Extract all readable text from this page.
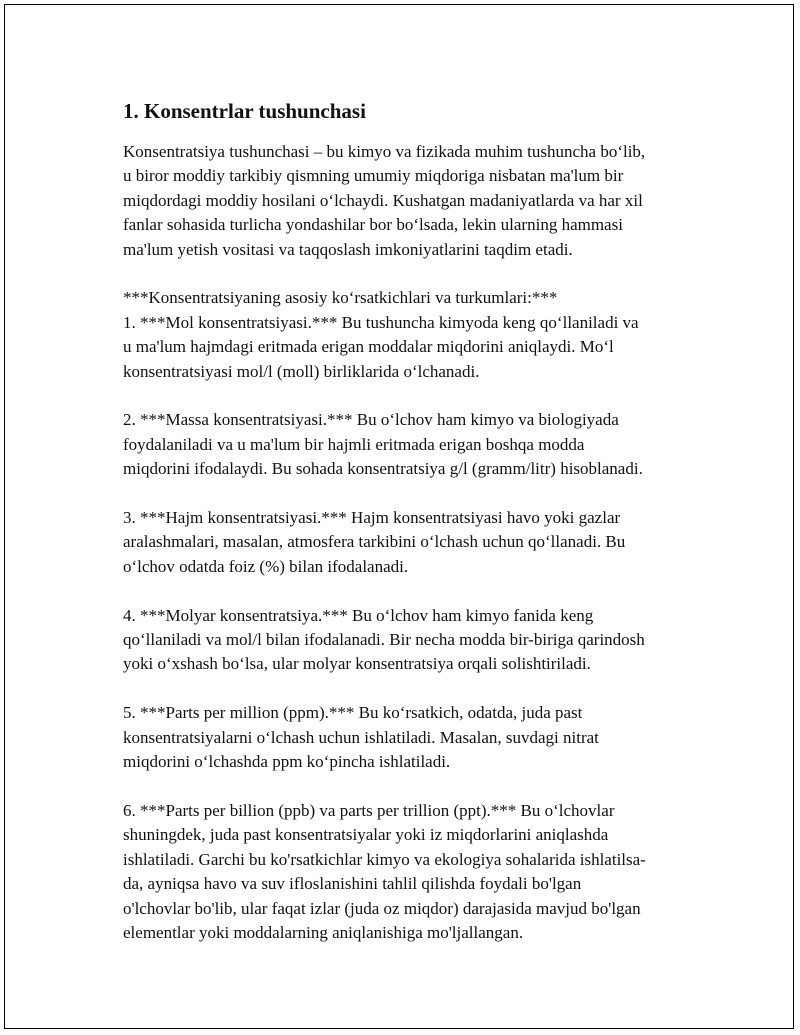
1. Konsentrlar tushunchasi

Konsentratsiya tushunchasi – bu kimyo va fizikada muhim tushuncha boʻlib,
u biror moddiy tarkibiy qismning umumiy miqdoriga nisbatan ma'lum bir
miqdordagi moddiy hosilani oʻlchaydi. Kushatgan madaniyatlarda va har xil
fanlar sohasida turlicha yondashilar bor boʻlsada, lekin ularning hammasi
ma'lum yetish vositasi va taqqoslash imkoniyatlarini taqdim etadi.

***Konsentratsiyaning asosiy koʻrsatkichlari va turkumlari:***

1. ***Mol konsentratsiyasi.*** Bu tushuncha kimyoda keng qoʻllaniladi va
u ma'lum hajmdagi eritmada erigan moddalar miqdorini aniqlaydi. Moʻl
konsentratsiyasi mol/l (moll) birliklarida oʻlchanadi.

2. ***Massa konsentratsiyasi.*** Bu oʻlchov ham kimyo va biologiyada
foydalaniladi va u ma'lum bir hajmli eritmada erigan boshqa modda
miqdorini ifodalaydi. Bu sohada konsentratsiya g/l (gramm/litr) hisoblanadi.

3. ***Hajm konsentratsiyasi.*** Hajm konsentratsiyasi havo yoki gazlar
aralashmalari, masalan, atmosfera tarkibini oʻlchash uchun qoʻllanadi. Bu
oʻlchov odatda foiz (%) bilan ifodalanadi.

4. ***Molyar konsentratsiya.*** Bu oʻlchov ham kimyo fanida keng
qoʻllaniladi va mol/l bilan ifodalanadi. Bir necha modda bir-biriga qarindosh
yoki oʻxshash boʻlsa, ular molyar konsentratsiya orqali solishtiriladi.

5. ***Parts per million (ppm).*** Bu koʻrsatkich, odatda, juda past
konsentratsiyalarni oʻlchash uchun ishlatiladi. Masalan, suvdagi nitrat
miqdorini oʻlchashda ppm koʻpincha ishlatiladi.

6. ***Parts per billion (ppb) va parts per trillion (ppt).*** Bu oʻlchovlar
shuningdek, juda past konsentratsiyalar yoki iz miqdorlarini aniqlashda
ishlatiladi. Garchi bu ko'rsatkichlar kimyo va ekologiya sohalarida ishlatilsa-
da, ayniqsa havo va suv ifloslanishini tahlil qilishda foydali bo'lgan
o'lchovlar bo'lib, ular faqat izlar (juda oz miqdor) darajasida mavjud bo'lgan
elementlar yoki moddalarning aniqlanishiga mo'ljallangan.
